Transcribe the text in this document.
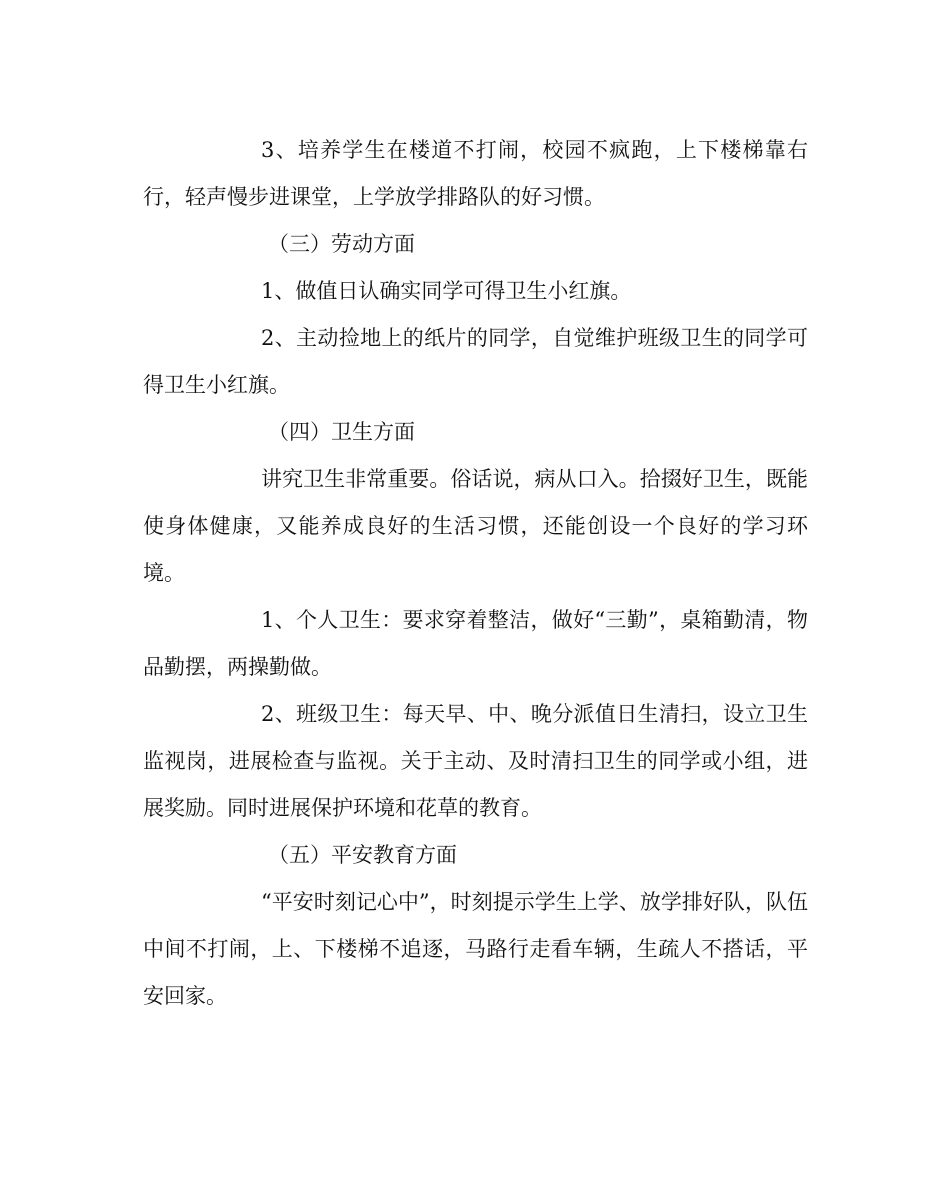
3、培养学生在楼道不打闹，校园不疯跑，上下楼梯靠右行，轻声慢步进课堂，上学放学排路队的好习惯。

（三）劳动方面

1、做值日认确实同学可得卫生小红旗。

2、主动捡地上的纸片的同学，自觉维护班级卫生的同学可得卫生小红旗。

（四）卫生方面

讲究卫生非常重要。俗话说，病从口入。拾掇好卫生，既能使身体健康，又能养成良好的生活习惯，还能创设一个良好的学习环境。

1、个人卫生：要求穿着整洁，做好“三勤”，桌箱勤清，物品勤摆，两操勤做。

2、班级卫生：每天早、中、晚分派值日生清扫，设立卫生监视岗，进展检查与监视。关于主动、及时清扫卫生的同学或小组，进展奖励。同时进展保护环境和花草的教育。

（五）平安教育方面

“平安时刻记心中”，时刻提示学生上学、放学排好队，队伍中间不打闹，上、下楼梯不追逐，马路行走看车辆，生疏人不搭话，平安回家。
